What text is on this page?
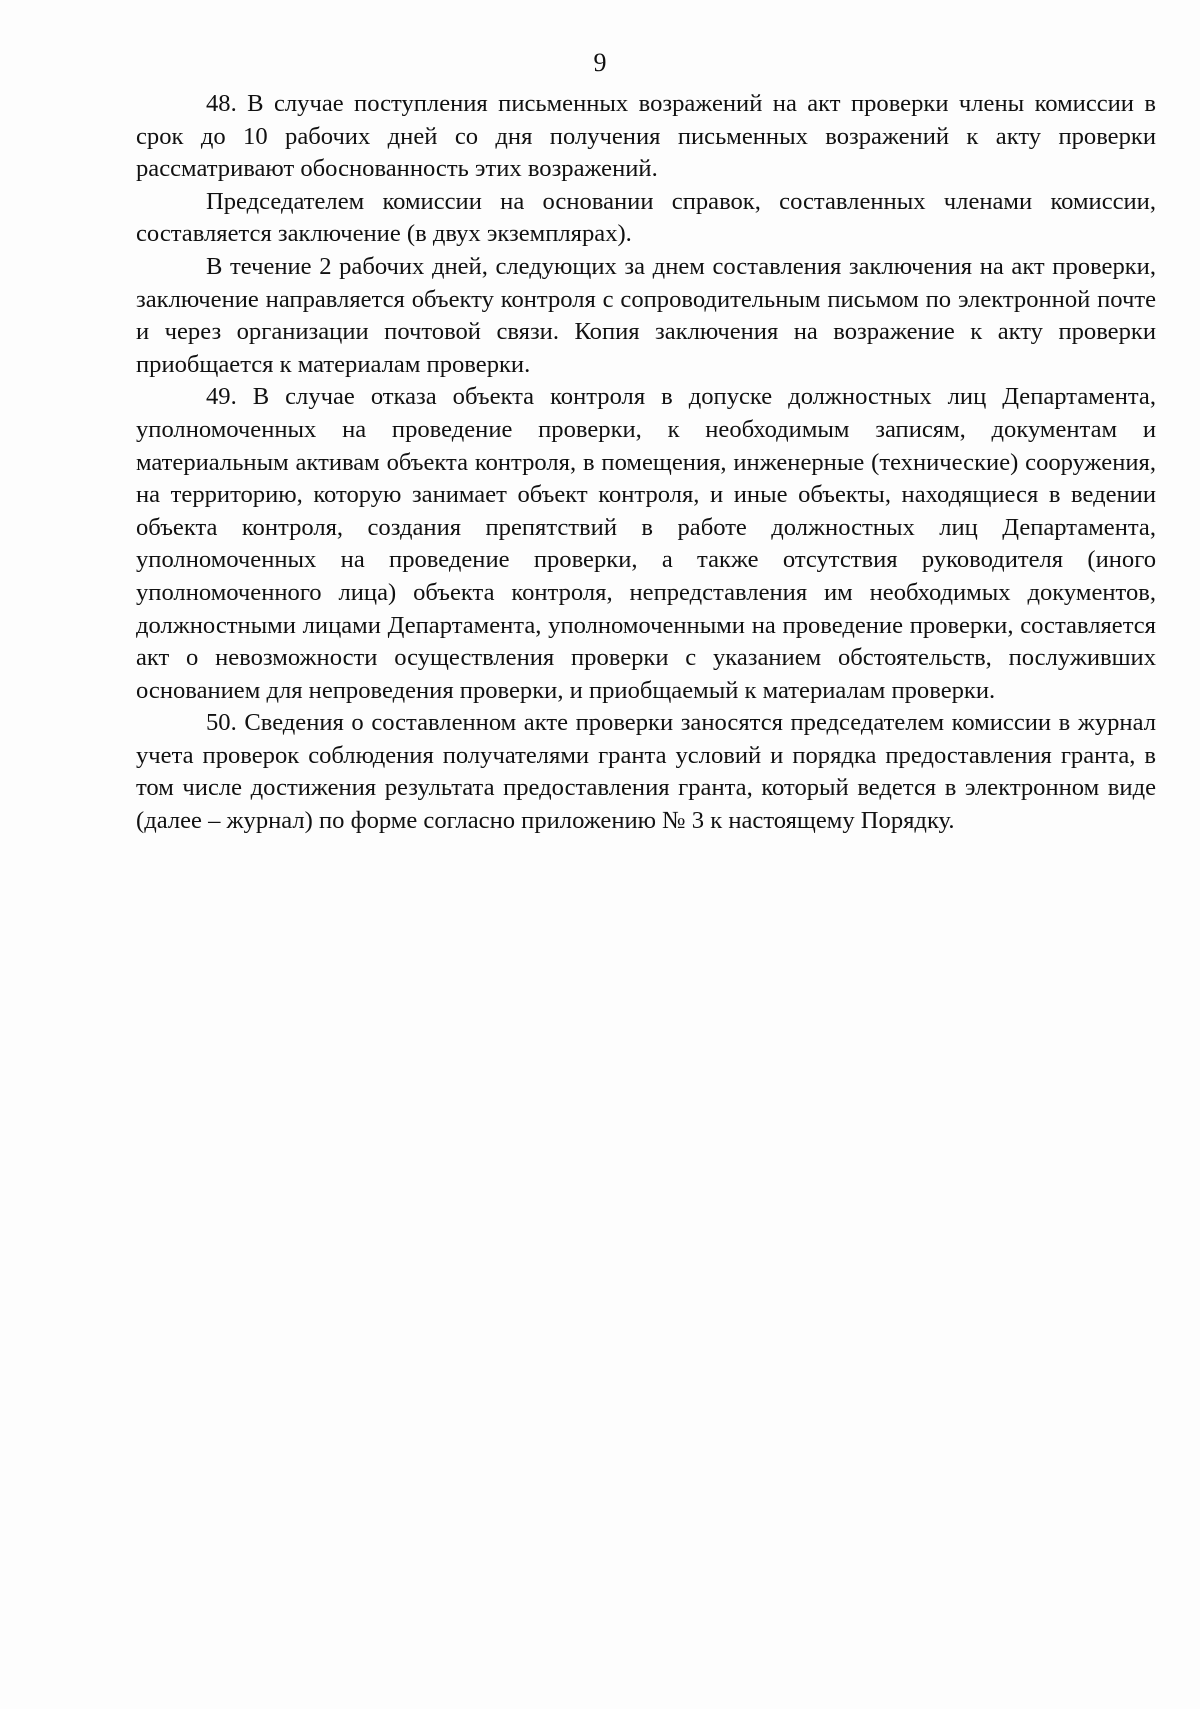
9

48. В случае поступления письменных возражений на акт проверки члены комиссии в срок до 10 рабочих дней со дня получения письменных возражений к акту проверки рассматривают обоснованность этих возражений.

Председателем комиссии на основании справок, составленных членами комиссии, составляется заключение (в двух экземплярах).

В течение 2 рабочих дней, следующих за днем составления заключения на акт проверки, заключение направляется объекту контроля с сопроводительным письмом по электронной почте и через организации почтовой связи. Копия заключения на возражение к акту проверки приобщается к материалам проверки.

49. В случае отказа объекта контроля в допуске должностных лиц Департамента, уполномоченных на проведение проверки, к необходимым записям, документам и материальным активам объекта контроля, в помещения, инженерные (технические) сооружения, на территорию, которую занимает объект контроля, и иные объекты, находящиеся в ведении объекта контроля, создания препятствий в работе должностных лиц Департамента, уполномоченных на проведение проверки, а также отсутствия руководителя (иного уполномоченного лица) объекта контроля, непредставления им необходимых документов, должностными лицами Департамента, уполномоченными на проведение проверки, составляется акт о невозможности осуществления проверки с указанием обстоятельств, послуживших основанием для непроведения проверки, и приобщаемый к материалам проверки.

50. Сведения о составленном акте проверки заносятся председателем комиссии в журнал учета проверок соблюдения получателями гранта условий и порядка предоставления гранта, в том числе достижения результата предоставления гранта, который ведется в электронном виде (далее – журнал) по форме согласно приложению № 3 к настоящему Порядку.
